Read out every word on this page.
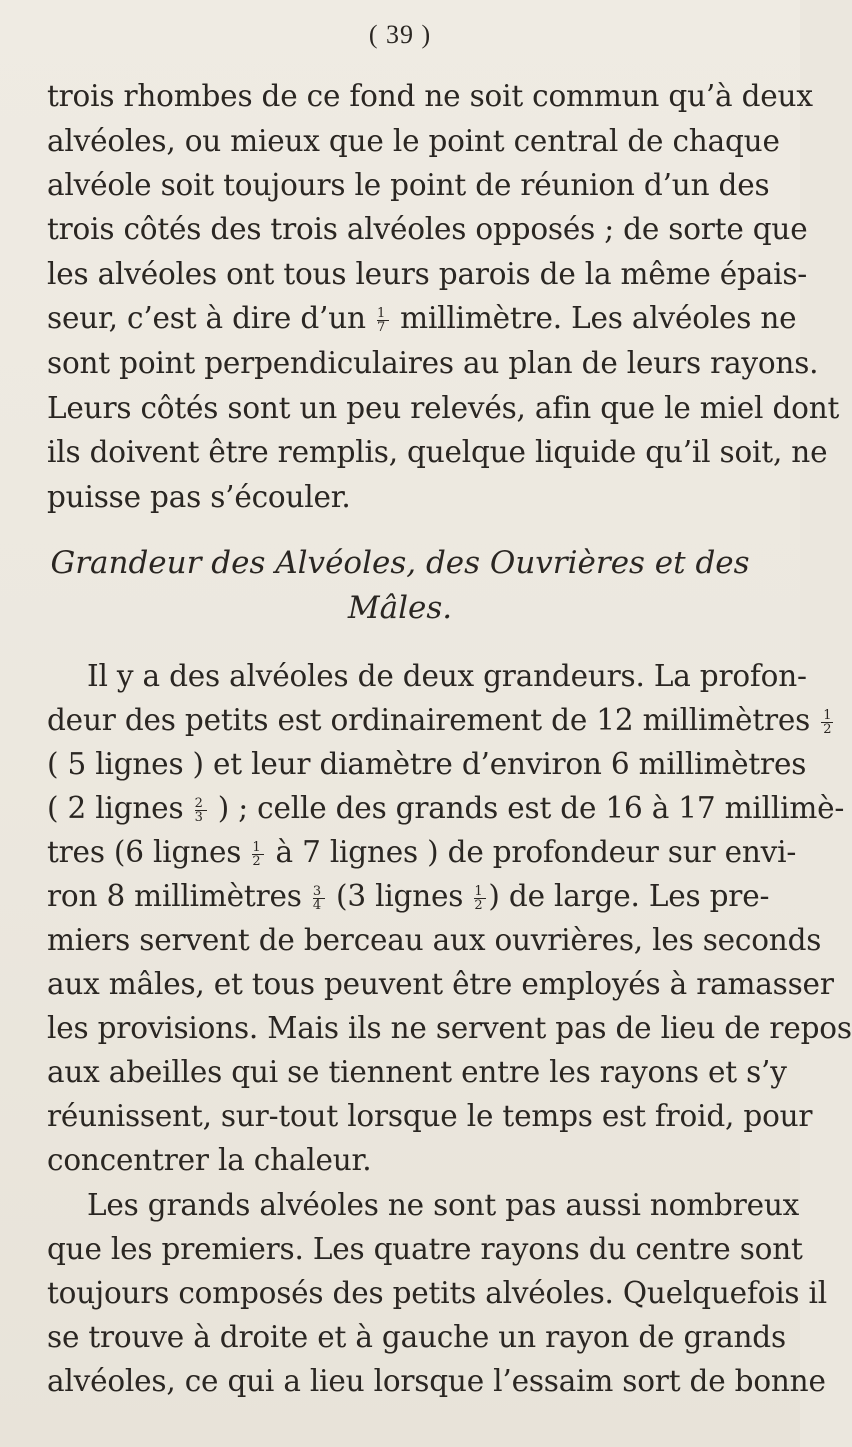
( 39 )
trois rhombes de ce fond ne soit commun qu’à deux
alvéoles, ou mieux que le point central de chaque
alvéole soit toujours le point de réunion d’un des
trois côtés des trois alvéoles opposés ; de sorte que
les alvéoles ont tous leurs parois de la même épais-
seur, c’est à dire d’un $\frac{1}{7}$ millimètre. Les alvéoles ne
sont point perpendiculaires au plan de leurs rayons.
Leurs côtés sont un peu relevés, afin que le miel dont
ils doivent être remplis, quelque liquide qu’il soit, ne
puisse pas s’écouler.
Grandeur des Alvéoles, des Ouvrières et des
Mâles.
Il y a des alvéoles de deux grandeurs. La profon-
deur des petits est ordinairement de 12 millimètres $\frac{1}{2}$
( 5 lignes ) et leur diamètre d’environ 6 millimètres
( 2 lignes $\frac{2}{3}$ ) ; celle des grands est de 16 à 17 millimè-
tres (6 lignes $\frac{1}{2}$ à 7 lignes ) de profondeur sur envi-
ron 8 millimètres $\frac{3}{4} (3$ lignes $\frac{1}{2}$ ) de large. Les pre-
miers servent de berceau aux ouvrières, les seconds
aux mâles, et tous peuvent être employés à ramasser
les provisions. Mais ils ne servent pas de lieu de repos
aux abeilles qui se tiennent entre les rayons et s’y
réunissent, sur-tout lorsque le temps est froid, pour
concentrer la chaleur.
Les grands alvéoles ne sont pas aussi nombreux
que les premiers. Les quatre rayons du centre sont
toujours composés des petits alvéoles. Quelquefois il
se trouve à droite et à gauche un rayon de grands
alvéoles, ce qui a lieu lorsque l’essaim sort de bonne
